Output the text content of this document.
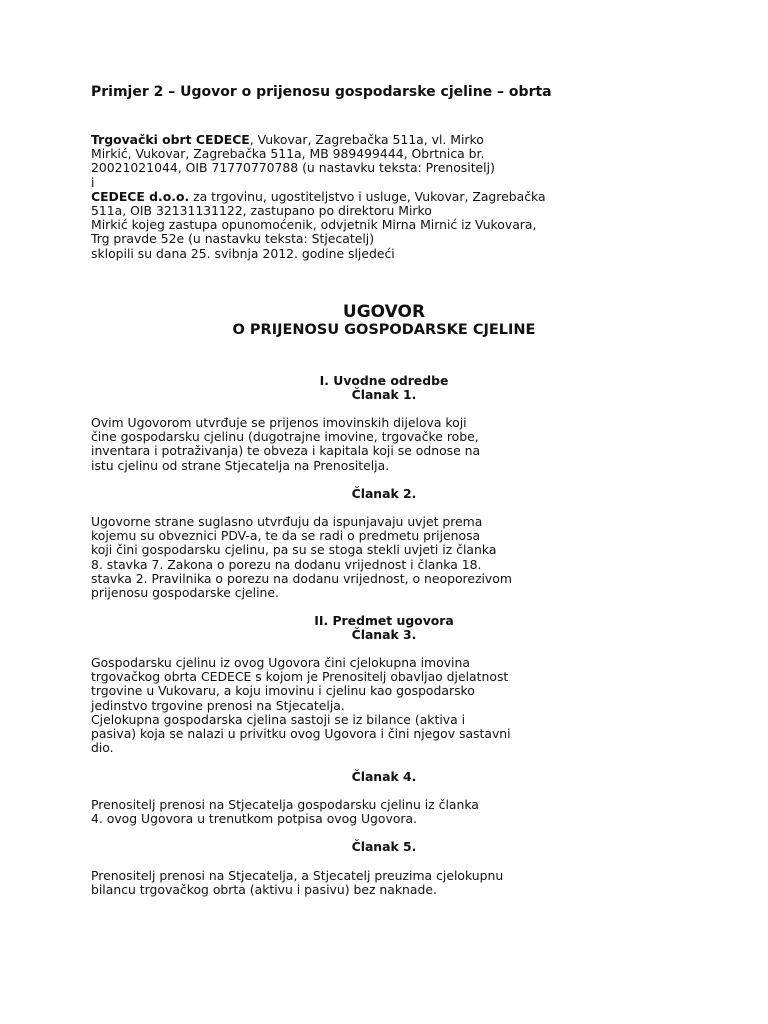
Primjer 2 – Ugovor o prijenosu gospodarske cjeline – obrta
Trgovački obrt CEDECE, Vukovar, Zagrebačka 511a, vl. Mirko
Mirkić, Vukovar, Zagrebačka 511a, MB 989499444, Obrtnica br.
20021021044, OIB 71770770788 (u nastavku teksta: Prenositelj)
i
CEDECE d.o.o. za trgovinu, ugostiteljstvo i usluge, Vukovar, Zagrebačka
511a, OIB 32131131122, zastupano po direktoru Mirko
Mirkić kojeg zastupa opunomoćenik, odvjetnik Mirna Mirnić iz Vukovara,
Trg pravde 52e (u nastavku teksta: Stjecatelj)
sklopili su dana 25. svibnja 2012. godine sljedeći
UGOVOR
O PRIJENOSU GOSPODARSKE CJELINE
I. Uvodne odredbe
Članak 1.
Ovim Ugovorom utvrđuje se prijenos imovinskih dijelova koji
čine gospodarsku cjelinu (dugotrajne imovine, trgovačke robe,
inventara i potraživanja) te obveza i kapitala koji se odnose na
istu cjelinu od strane Stjecatelja na Prenositelja.
Članak 2.
Ugovorne strane suglasno utvrđuju da ispunjavaju uvjet prema
kojemu su obveznici PDV-a, te da se radi o predmetu prijenosa
koji čini gospodarsku cjelinu, pa su se stoga stekli uvjeti iz članka
8. stavka 7. Zakona o porezu na dodanu vrijednost i članka 18.
stavka 2. Pravilnika o porezu na dodanu vrijednost, o neoporezivom
prijenosu gospodarske cjeline.
II. Predmet ugovora
Članak 3.
Gospodarsku cjelinu iz ovog Ugovora čini cjelokupna imovina
trgovačkog obrta CEDECE s kojom je Prenositelj obavljao djelatnost
trgovine u Vukovaru, a koju imovinu i cjelinu kao gospodarsko
jedinstvo trgovine prenosi na Stjecatelja.
Cjelokupna gospodarska cjelina sastoji se iz bilance (aktiva i
pasiva) koja se nalazi u privitku ovog Ugovora i čini njegov sastavni
dio.
Članak 4.
Prenositelj prenosi na Stjecatelja gospodarsku cjelinu iz članka
4. ovog Ugovora u trenutkom potpisa ovog Ugovora.
Članak 5.
Prenositelj prenosi na Stjecatelja, a Stjecatelj preuzima cjelokupnu
bilancu trgovačkog obrta (aktivu i pasivu) bez naknade.
